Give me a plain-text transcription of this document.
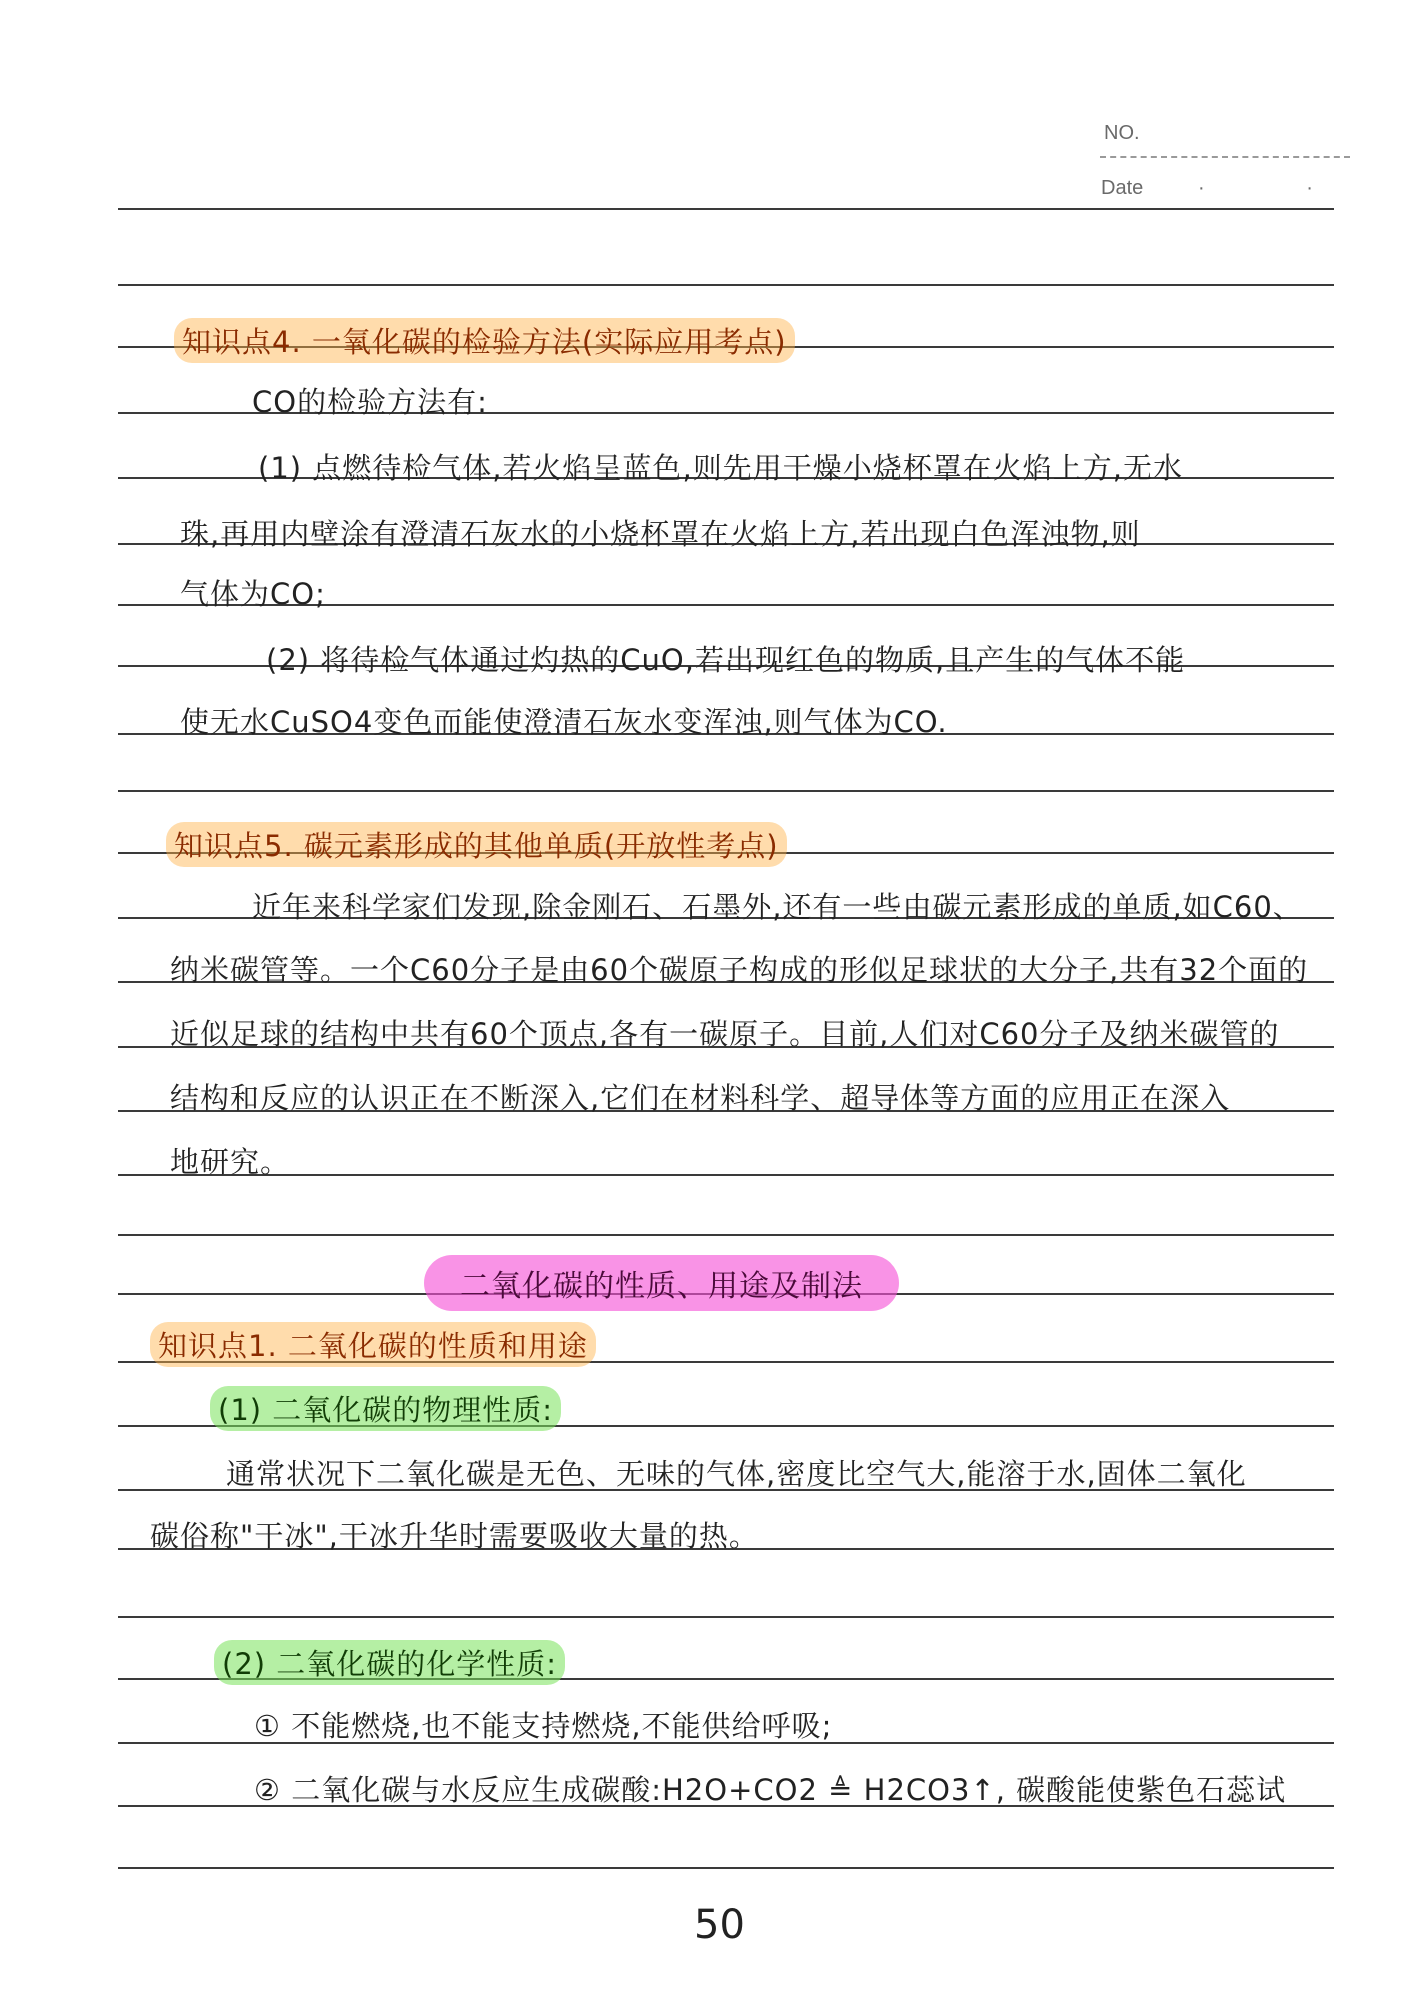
NO.
Date	· ·
知识点4. 一氧化碳的检验方法(实际应用考点)
CO的检验方法有:
(1) 点燃待检气体,若火焰呈蓝色,则先用干燥小烧杯罩在火焰上方,无水
珠,再用内壁涂有澄清石灰水的小烧杯罩在火焰上方,若出现白色浑浊物,则
气体为CO;
(2) 将待检气体通过灼热的CuO,若出现红色的物质,且产生的气体不能
使无水CuSO4变色而能使澄清石灰水变浑浊,则气体为CO.
知识点5. 碳元素形成的其他单质(开放性考点)
近年来科学家们发现,除金刚石、石墨外,还有一些由碳元素形成的单质,如C60、
纳米碳管等。一个C60分子是由60个碳原子构成的形似足球状的大分子,共有32个面的
近似足球的结构中共有60个顶点,各有一碳原子。目前,人们对C60分子及纳米碳管的
结构和反应的认识正在不断深入,它们在材料科学、超导体等方面的应用正在深入
地研究。
二氧化碳的性质、用途及制法
知识点1. 二氧化碳的性质和用途
(1) 二氧化碳的物理性质:
通常状况下二氧化碳是无色、无味的气体,密度比空气大,能溶于水,固体二氧化
碳俗称"干冰",干冰升华时需要吸收大量的热。
(2) 二氧化碳的化学性质:
① 不能燃烧,也不能支持燃烧,不能供给呼吸;
② 二氧化碳与水反应生成碳酸:H2O+CO2 ≜ H2CO3↑, 碳酸能使紫色石蕊试
50
